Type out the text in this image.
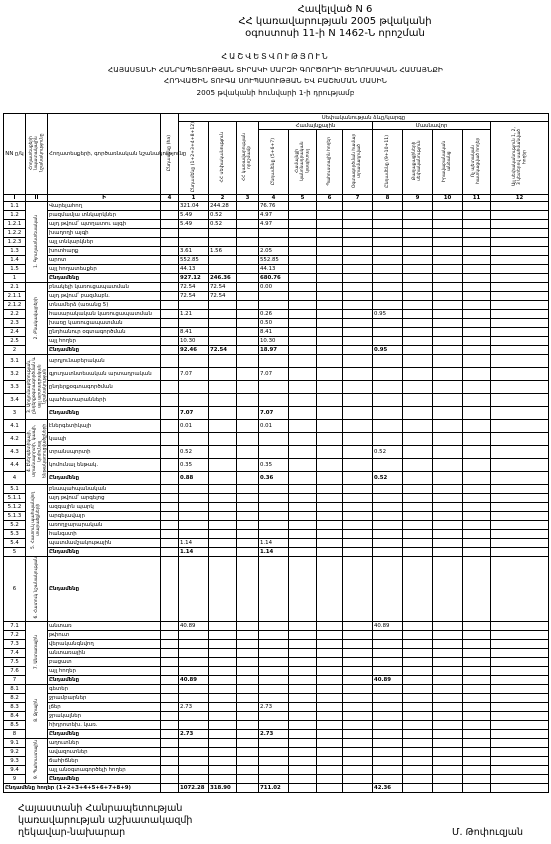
Հավելված N 6
ՀՀ կառավարության 2005 թվականի
օգոստոսի 11-ի N 1462-Ն որոշման
ՀԱՇՎԵՏՎՈՒԹՅՈՒՆ
ՀԱՅԱՍՏԱՆԻ ՀԱՆՐԱՊԵՏՈՒԹՅԱՆ ՏԻՐԱԿԻ ՄԱՐԶԻ ԳՈՐԾՈՒՂԻ ՑԵՂՈՒՍԱԿԱՆ ՀԱՄԱՅՆՔԻ
ՀՈԴՎԱԾԻՆ ՏՈՒԳԱ ՍՈՒՊԱՍՈՒԹՅԱՆ ԵՎ ԲԱՇԽՄԱՆ ՄԱՍԻՆ
2005 թվականի հունվարի 1-ի դրությամբ
NN ը/կ	Հողատեսքերի նպատակային նշանակությունը	Հողատեսքերի, գործառնական նշանակությունը	Ընդամենը (ha)	Սեփականության ձևը/կարգը											
				Ընդամենը (1+2+3+4+8+12)	ՀՀ սեփականություն	ՀՀ կառավարության որոշմամբ	Համայնքային				Մասնավոր				Այլ սեփականություն 1, 2, 3 կետերով սահմանված հողեր
							Ընդամենը (5+6+7)	Համայնքի կանոնադրական կապիտալ	Պահուստային հողեր	Օգտագործման համար տրամադրված	Ընդամենը (9+10+11)	Քաղաքացիների սեփականություն	Իրավաբանական անձանց	Ոչ պետական հատկացված հողեր	
I	II	Ի	4	1	2	3	4	5	6	7	8	9	10	11	12
1.1	1. Գյուղատնտեսական	Վարելահող		321.04	244.28		76.76								
1.2		բազմամյա տնկարկներ		5.49	0.52		4.97								
1.2.1		այդ թվում՝ պտղատու այգի		5.49	0.52		4.97								
1.2.2		խաղողի այգի													
1.2.3		այլ տնկարկներ													
1.3		խոտհարք		3.61	1.56		2.05								
1.4		արոտ		552.85			552.85								
1.5		այլ հողատեսքեր		44.13			44.13								
1		Ընդամենը		927.12	246.36		680.76								
2.1	2. Բնակավայրերի	բնակելի կառուցապատման		72.54	72.54		0.00								
2.1.1		այդ թվում՝ բազմաբն.		72.54	72.54										
2.1.2		տնամերձ (առանց 5)													
2.2		հասարակական կառուցապատման		1.21			0.26				0.95				
2.3		խառը կառուցապատման					0.50								
2.4		ընդհանուր օգտագործման		8.41			8.41								
2.5		այլ հողեր		10.30			10.30								
2		Ընդամենը		92.46	72.54		18.97				0.95				
3.1	3. Արդյունաբերության, ընդերքօգտագործման և այլ արտադրական նշանակության	արդյունաբերական													
3.2		գյուղատնտեսական արտադրական		7.07			7.07								
3.3		ընդերքօգտագործման													
3.4		պահեստարանների													
3		Ընդամենը		7.07			7.07								
4.1	4. Էներգետիկայի, տրանսպորտի, կապի, կոմունալ ենթակառուցվածքների	էներգետիկայի		0.01			0.01								
4.2		կապի													
4.3		տրանսպորտի		0.52							0.52				
4.4		կոմունալ ենթակ.		0.35			0.35								
4		Ընդամենը		0.88			0.36				0.52				
5.1	5. Հատուկ պահպանվող տարածքների	բնապահպանական													
5.1.1		այդ թվում՝ արգելոց													
5.1.2		ազգային պարկ													
5.1.3		արգելավայր													
5.2		առողջարարական													
5.3		հանգստի													
5.4		պատմամշակութային		1.14			1.14								
5		Ընդամենը		1.14			1.14								
6	6. Հատուկ նշանակության	Ընդամենը													
7.1	7. Անտառային	անտառ		40.89							40.89				
7.2		թփուտ													
7.3		վերականգնվող													
7.4		անտառային													
7.5		բացատ													
7.6		այլ հողեր													
7		Ընդամենը		40.89							40.89				
8.1	8. Ջրային	գետեր													
8.2		ջրամբարներ													
8.3		լճեր		2.73			2.73								
8.4		ջրակալներ													
8.5		հիդրոտեխ. կառ.													
8		Ընդամենը		2.73			2.73								
9.1	9. Պահուստային	աղուտներ													
9.2		ավազուտներ													
9.3		ճահիճներ													
9.4		այլ անօգտագործելի հողեր													
9		Ընդամենը													
Ընդամենը հողեր (1+2+3+4+5+6+7+8+9)				1072.28	318.90		711.02				42.36				
Հայաստանի Հանրապետության
կառավարության աշխատակազմի
ղեկավար-նախարար	Մ. Թոփուզյան
